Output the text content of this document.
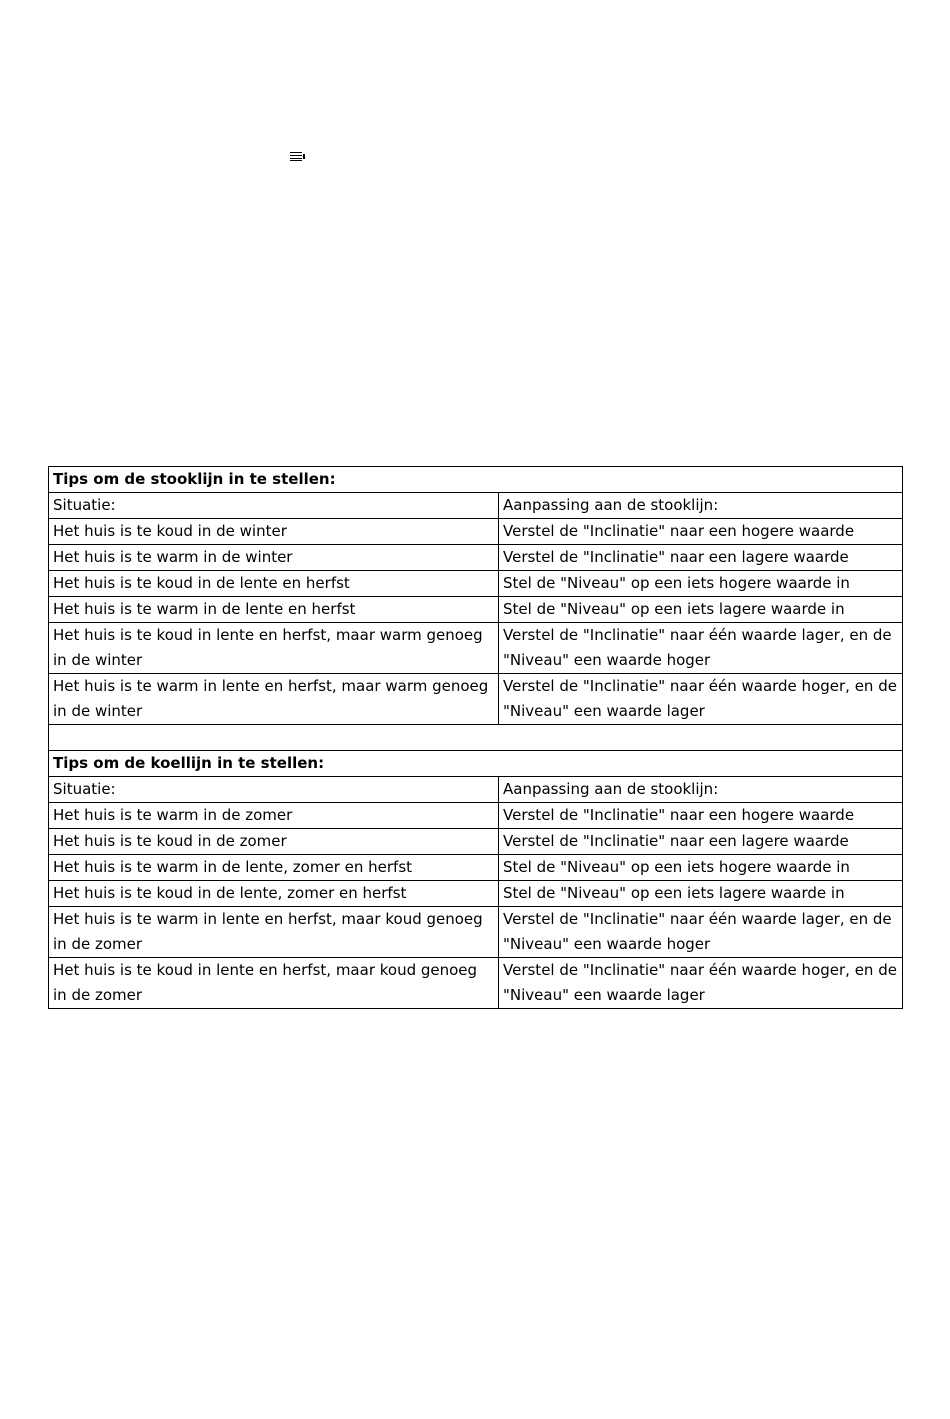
Tips om de stooklijn in te stellen:	
Situatie:	Aanpassing aan de stooklijn:
Het huis is te koud in de winter	Verstel de "Inclinatie" naar een hogere waarde
Het huis is te warm in de winter	Verstel de "Inclinatie" naar een lagere waarde
Het huis is te koud in de lente en herfst	Stel de "Niveau" op een iets hogere waarde in
Het huis is te warm in de lente en herfst	Stel de "Niveau" op een iets lagere waarde in
Het huis is te koud in lente en herfst, maar warm genoeg in de winter	Verstel de "Inclinatie" naar één waarde lager, en de "Niveau" een waarde hoger
Het huis is te warm in lente en herfst, maar warm genoeg in de winter	Verstel de "Inclinatie" naar één waarde hoger, en de "Niveau" een waarde lager

Tips om de koellijn in te stellen:	
Situatie:	Aanpassing aan de stooklijn:
Het huis is te warm in de zomer	Verstel de "Inclinatie" naar een hogere waarde
Het huis is te koud in de zomer	Verstel de "Inclinatie" naar een lagere waarde
Het huis is te warm in de lente, zomer en herfst	Stel de "Niveau" op een iets hogere waarde in
Het huis is te koud in de lente, zomer en herfst	Stel de "Niveau" op een iets lagere waarde in
Het huis is te warm in lente en herfst, maar koud genoeg in de zomer	Verstel de "Inclinatie" naar één waarde lager, en de "Niveau" een waarde hoger
Het huis is te koud in lente en herfst, maar koud genoeg in de zomer	Verstel de "Inclinatie" naar één waarde hoger, en de "Niveau" een waarde lager
